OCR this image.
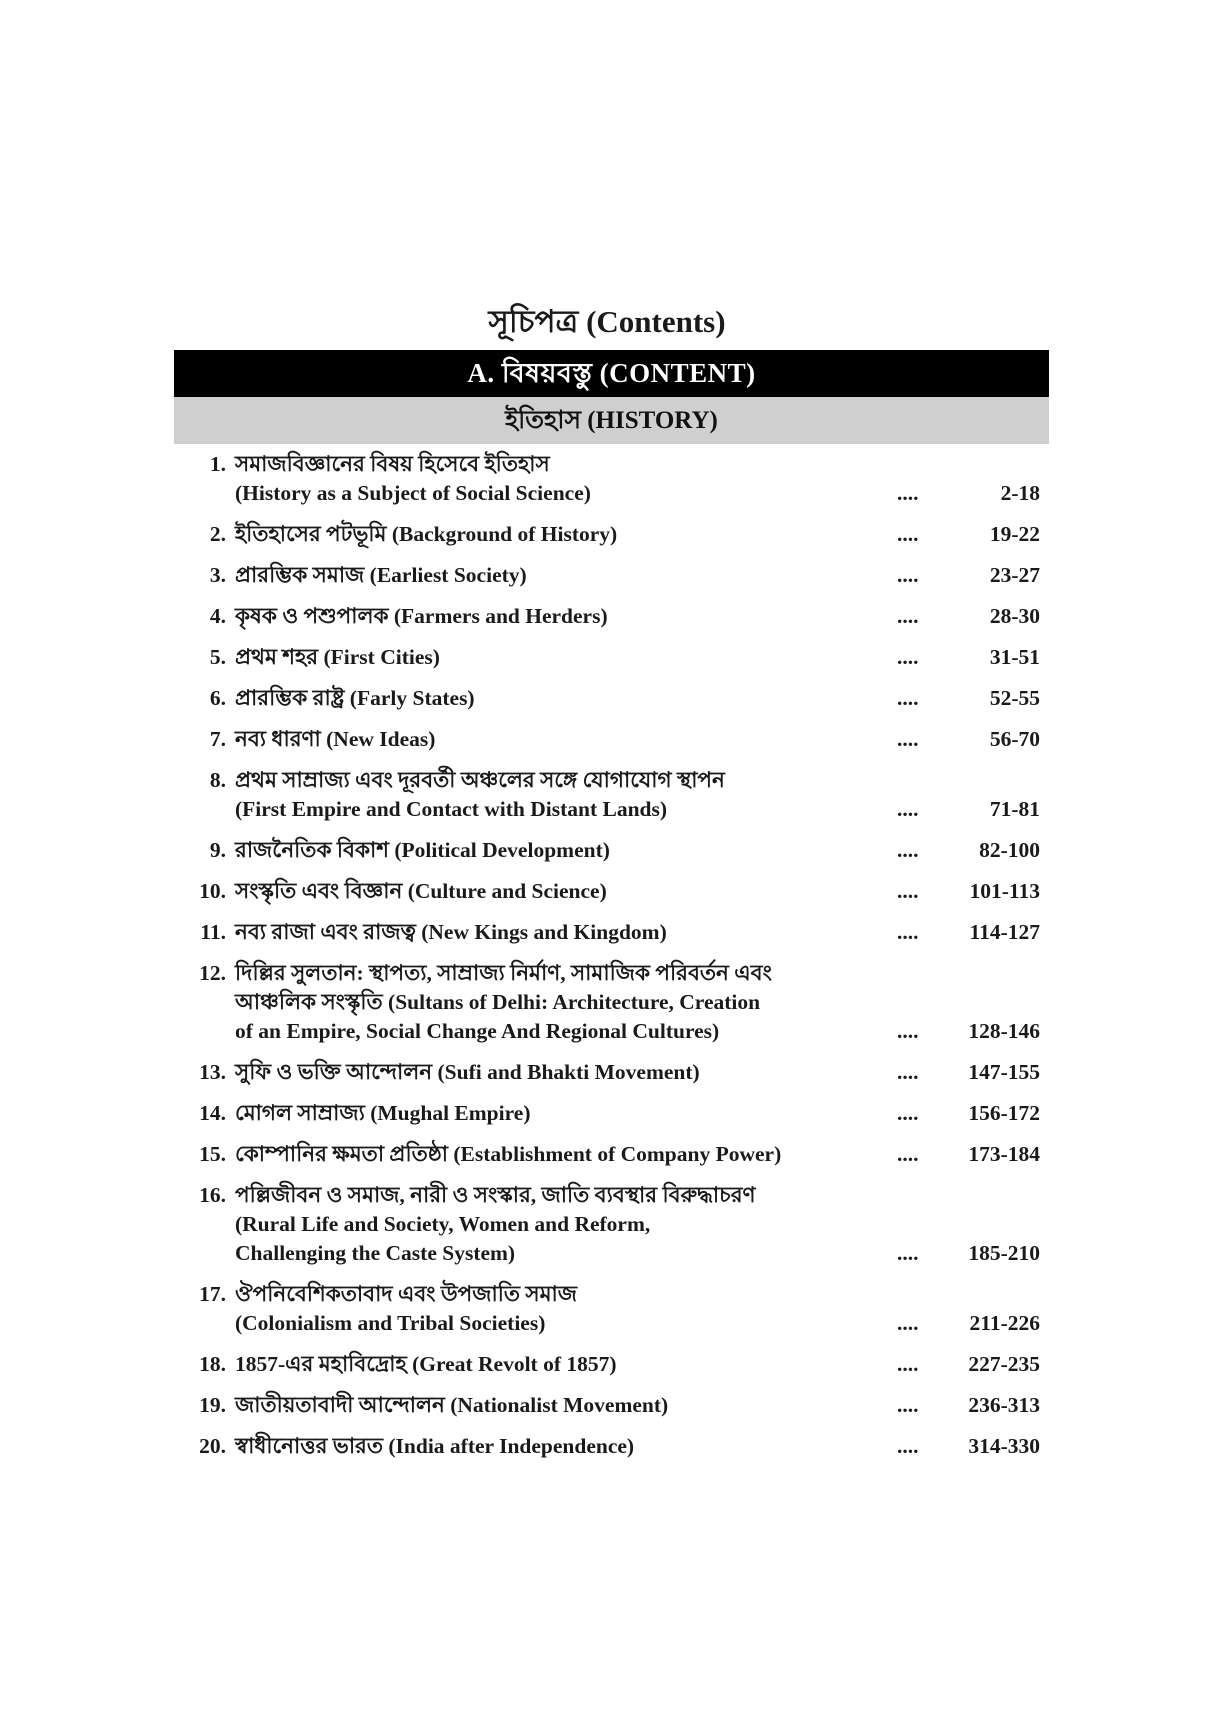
সূচিপত্র (Contents)
A. বিষয়বস্তু (CONTENT)
ইতিহাস (HISTORY)
1. সমাজবিজ্ঞানের বিষয় হিসেবে ইতিহাস
(History as a Subject of Social Science)	....	2-18
2. ইতিহাসের পটভূমি (Background of History)	....	19-22
3. প্রারম্ভিক সমাজ (Earliest Society)	....	23-27
4. কৃষক ও পশুপালক (Farmers and Herders)	....	28-30
5. প্রথম শহর (First Cities)	....	31-51
6. প্রারম্ভিক রাষ্ট্র (Farly States)	....	52-55
7. নব্য ধারণা (New Ideas)	....	56-70
8. প্রথম সাম্রাজ্য এবং দূরবর্তী অঞ্চলের সঙ্গে যোগাযোগ স্থাপন
(First Empire and Contact with Distant Lands)	....	71-81
9. রাজনৈতিক বিকাশ (Political Development)	....	82-100
10. সংস্কৃতি এবং বিজ্ঞান (Culture and Science)	.... 101-113
11. নব্য রাজা এবং রাজত্ব (New Kings and Kingdom)	.... 114-127
12. দিল্লির সুলতান: স্থাপত্য, সাম্রাজ্য নির্মাণ, সামাজিক পরিবর্তন এবং
আঞ্চলিক সংস্কৃতি (Sultans of Delhi: Architecture, Creation
of an Empire, Social Change And Regional Cultures)	.... 128-146
13. সুফি ও ভক্তি আন্দোলন (Sufi and Bhakti Movement)	.... 147-155
14. মোগল সাম্রাজ্য (Mughal Empire)	.... 156-172
15. কোম্পানির ক্ষমতা প্রতিষ্ঠা (Establishment of Company Power)	.... 173-184
16. পল্লিজীবন ও সমাজ, নারী ও সংস্কার, জাতি ব্যবস্থার বিরুদ্ধাচরণ
(Rural Life and Society, Women and Reform,
Challenging the Caste System)	.... 185-210
17. ঔপনিবেশিকতাবাদ এবং উপজাতি সমাজ
(Colonialism and Tribal Societies)	.... 211-226
18. 1857-এর মহাবিদ্রোহ (Great Revolt of 1857)	.... 227-235
19. জাতীয়তাবাদী আন্দোলন (Nationalist Movement)	.... 236-313
20. স্বাধীনোত্তর ভারত (India after Independence)	.... 314-330
